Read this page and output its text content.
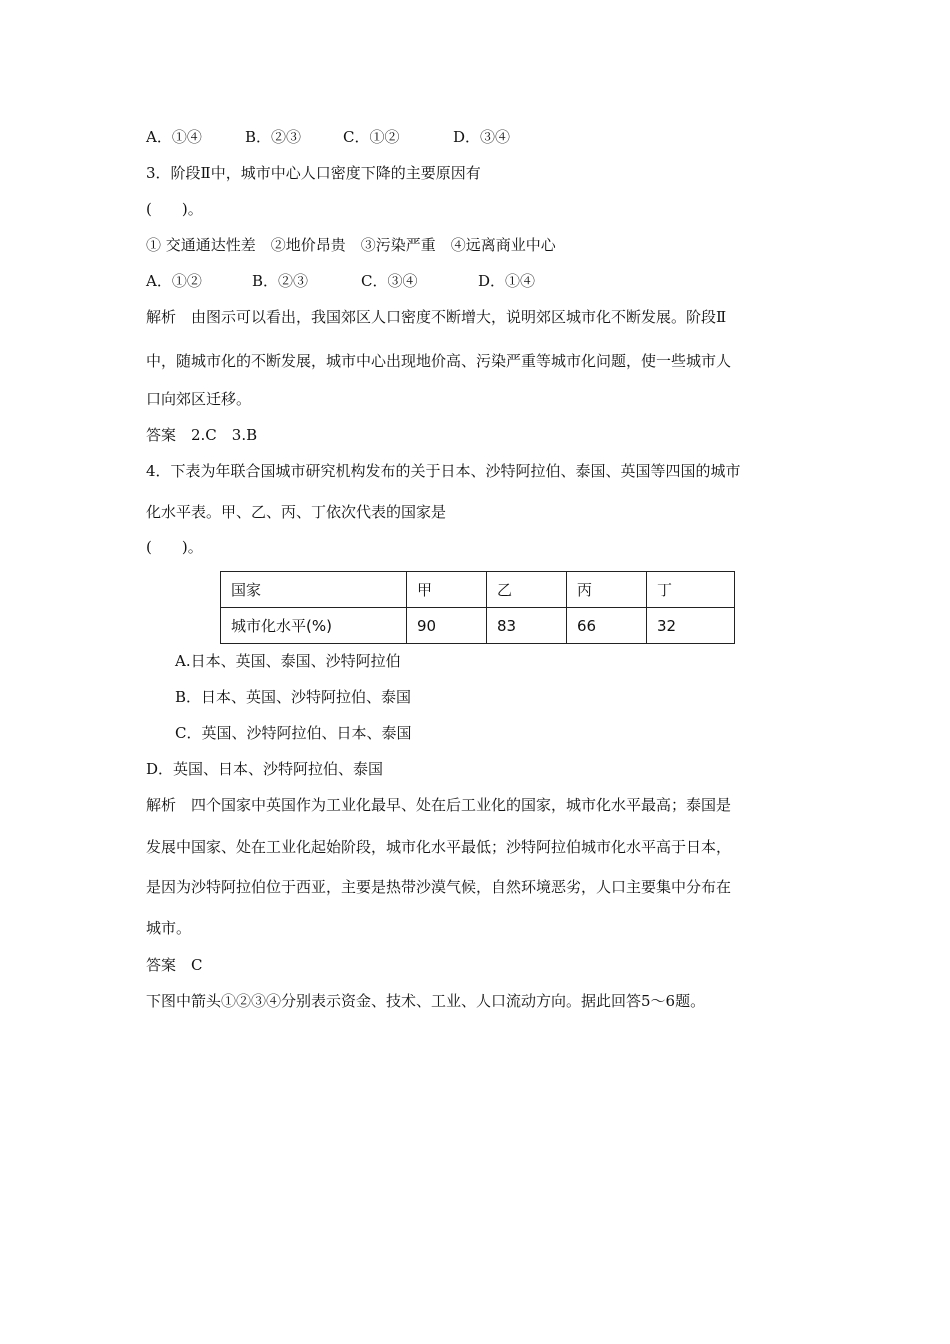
A．①④	B．②③	C．①②	D．③④
3．阶段Ⅱ中，城市中心人口密度下降的主要原因有
(　　)。
① 交通通达性差　②地价昂贵　③污染严重　④远离商业中心
A．①②	B．②③	C．③④	D．①④
解析　由图示可以看出，我国郊区人口密度不断增大，说明郊区城市化不断发展。阶段Ⅱ
中，随城市化的不断发展，城市中心出现地价高、污染严重等城市化问题，使一些城市人
口向郊区迁移。
答案　2.C　3.B
4．下表为年联合国城市研究机构发布的关于日本、沙特阿拉伯、泰国、英国等四国的城市
化水平表。甲、乙、丙、丁依次代表的国家是
(　　)。
国家	甲	乙	丙	丁
城市化水平(%)	90	83	66	32
A.日本、英国、泰国、沙特阿拉伯
B．日本、英国、沙特阿拉伯、泰国
C．英国、沙特阿拉伯、日本、泰国
D．英国、日本、沙特阿拉伯、泰国
解析　四个国家中英国作为工业化最早、处在后工业化的国家，城市化水平最高；泰国是
发展中国家、处在工业化起始阶段，城市化水平最低；沙特阿拉伯城市化水平高于日本，
是因为沙特阿拉伯位于西亚，主要是热带沙漠气候，自然环境恶劣，人口主要集中分布在
城市。
答案　C
下图中箭头①②③④分别表示资金、技术、工业、人口流动方向。据此回答5～6题。
